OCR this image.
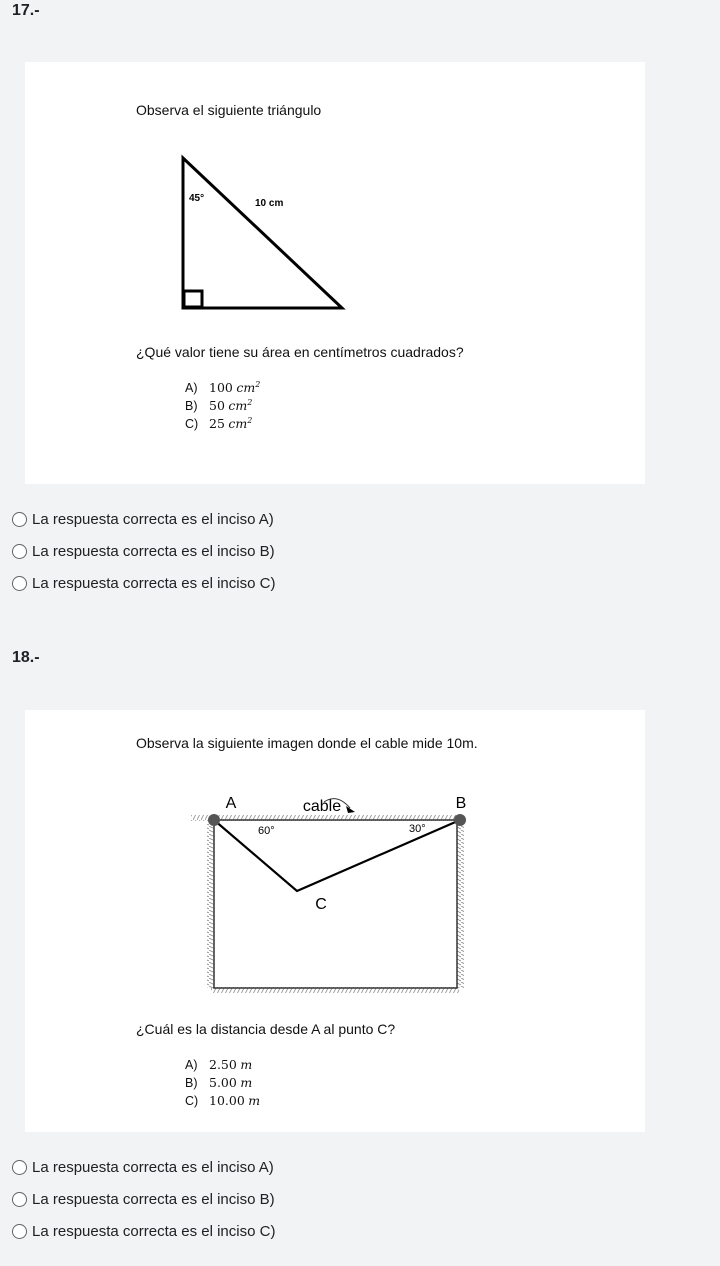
17.-
Observa el siguiente triángulo
45°	10 cm
¿Qué valor tiene su área en centímetros cuadrados?
A) 100 $cm^2$
B) 50 $cm^2$
C) 25 $cm^2$
La respuesta correcta es el inciso A)
La respuesta correcta es el inciso B)
La respuesta correcta es el inciso C)
18.-
Observa la siguiente imagen donde el cable mide 10m.
A	B
C
cable
60°	30°
¿Cuál es la distancia desde A al punto C?
A) 2.50 m
B) 5.00 m
C) 10.00 m
La respuesta correcta es el inciso A)
La respuesta correcta es el inciso B)
La respuesta correcta es el inciso C)
